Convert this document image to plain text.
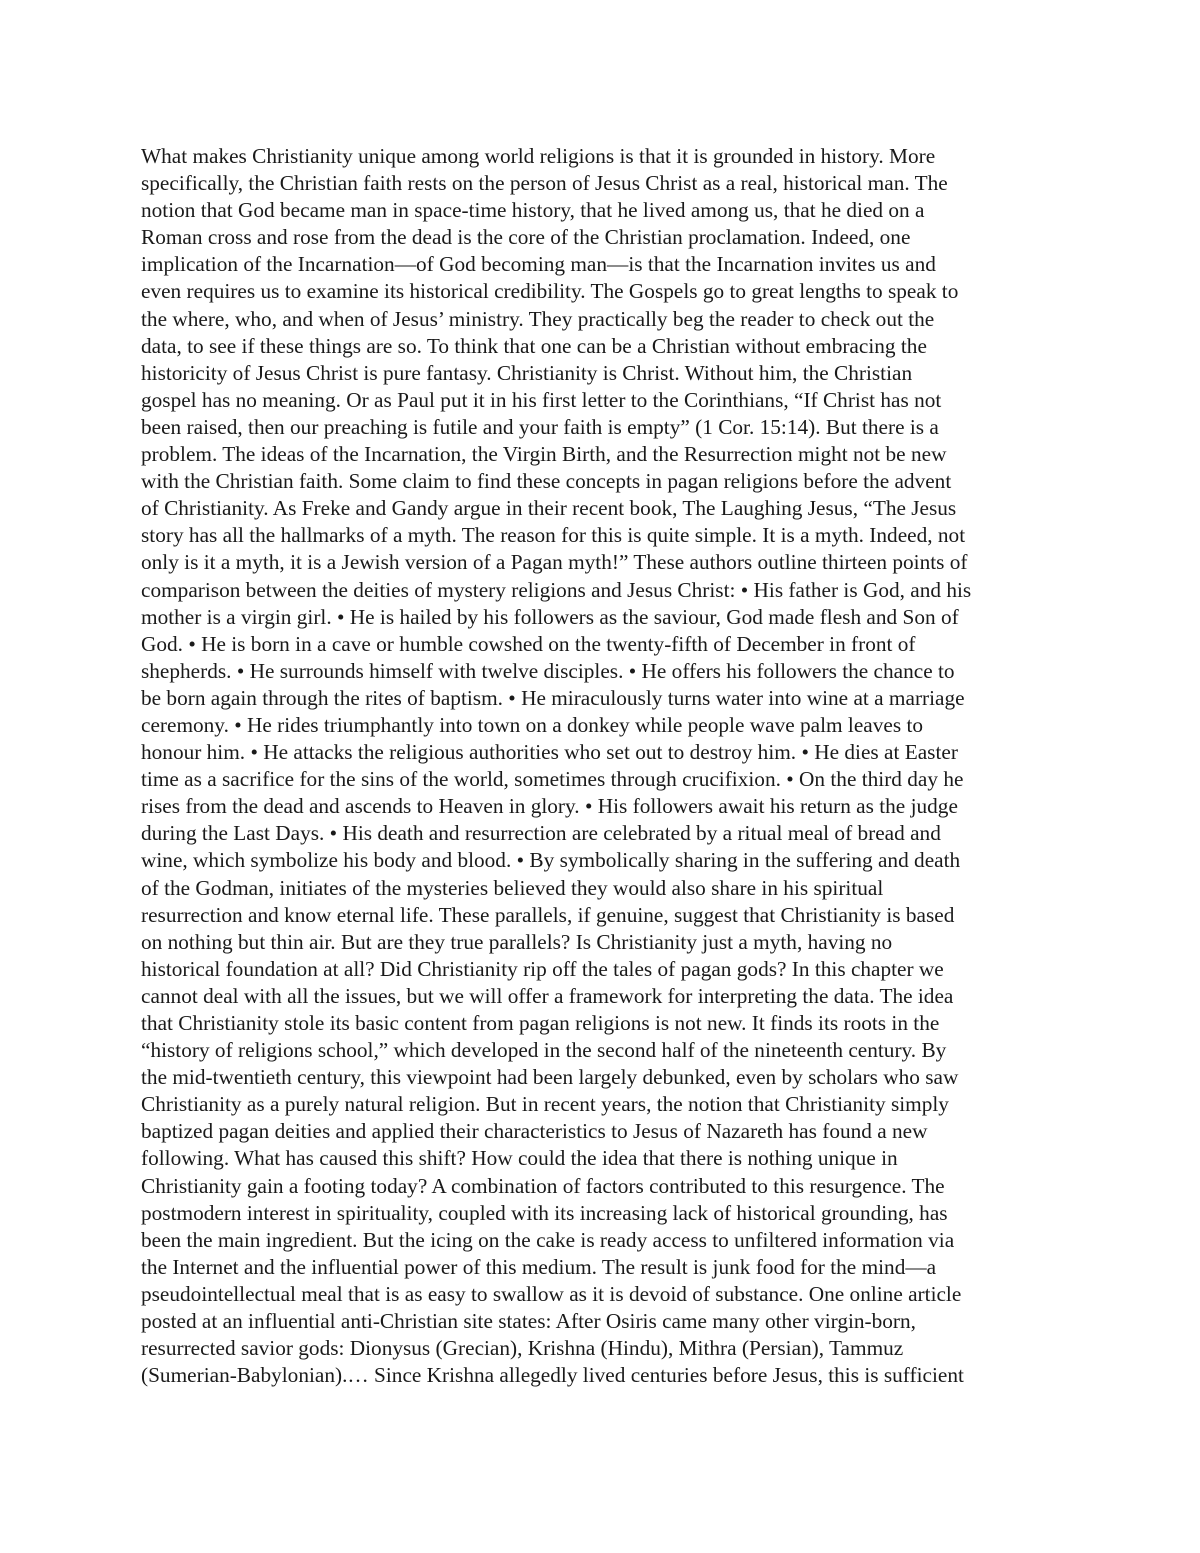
What makes Christianity unique among world religions is that it is grounded in history. More
specifically, the Christian faith rests on the person of Jesus Christ as a real, historical man. The
notion that God became man in space-time history, that he lived among us, that he died on a
Roman cross and rose from the dead is the core of the Christian proclamation. Indeed, one
implication of the Incarnation—of God becoming man—is that the Incarnation invites us and
even requires us to examine its historical credibility. The Gospels go to great lengths to speak to
the where, who, and when of Jesus’ ministry. They practically beg the reader to check out the
data, to see if these things are so. To think that one can be a Christian without embracing the
historicity of Jesus Christ is pure fantasy. Christianity is Christ. Without him, the Christian
gospel has no meaning. Or as Paul put it in his first letter to the Corinthians, “If Christ has not
been raised, then our preaching is futile and your faith is empty” (1 Cor. 15:14). But there is a
problem. The ideas of the Incarnation, the Virgin Birth, and the Resurrection might not be new
with the Christian faith. Some claim to find these concepts in pagan religions before the advent
of Christianity. As Freke and Gandy argue in their recent book, The Laughing Jesus, “The Jesus
story has all the hallmarks of a myth. The reason for this is quite simple. It is a myth. Indeed, not
only is it a myth, it is a Jewish version of a Pagan myth!” These authors outline thirteen points of
comparison between the deities of mystery religions and Jesus Christ: • His father is God, and his
mother is a virgin girl. • He is hailed by his followers as the saviour, God made flesh and Son of
God. • He is born in a cave or humble cowshed on the twenty-fifth of December in front of
shepherds. • He surrounds himself with twelve disciples. • He offers his followers the chance to
be born again through the rites of baptism. • He miraculously turns water into wine at a marriage
ceremony. • He rides triumphantly into town on a donkey while people wave palm leaves to
honour him. • He attacks the religious authorities who set out to destroy him. • He dies at Easter
time as a sacrifice for the sins of the world, sometimes through crucifixion. • On the third day he
rises from the dead and ascends to Heaven in glory. • His followers await his return as the judge
during the Last Days. • His death and resurrection are celebrated by a ritual meal of bread and
wine, which symbolize his body and blood. • By symbolically sharing in the suffering and death
of the Godman, initiates of the mysteries believed they would also share in his spiritual
resurrection and know eternal life. These parallels, if genuine, suggest that Christianity is based
on nothing but thin air. But are they true parallels? Is Christianity just a myth, having no
historical foundation at all? Did Christianity rip off the tales of pagan gods? In this chapter we
cannot deal with all the issues, but we will offer a framework for interpreting the data. The idea
that Christianity stole its basic content from pagan religions is not new. It finds its roots in the
“history of religions school,” which developed in the second half of the nineteenth century. By
the mid-twentieth century, this viewpoint had been largely debunked, even by scholars who saw
Christianity as a purely natural religion. But in recent years, the notion that Christianity simply
baptized pagan deities and applied their characteristics to Jesus of Nazareth has found a new
following. What has caused this shift? How could the idea that there is nothing unique in
Christianity gain a footing today? A combination of factors contributed to this resurgence. The
postmodern interest in spirituality, coupled with its increasing lack of historical grounding, has
been the main ingredient. But the icing on the cake is ready access to unfiltered information via
the Internet and the influential power of this medium. The result is junk food for the mind—a
pseudointellectual meal that is as easy to swallow as it is devoid of substance. One online article
posted at an influential anti-Christian site states: After Osiris came many other virgin-born,
resurrected savior gods: Dionysus (Grecian), Krishna (Hindu), Mithra (Persian), Tammuz
(Sumerian-Babylonian).… Since Krishna allegedly lived centuries before Jesus, this is sufficient
